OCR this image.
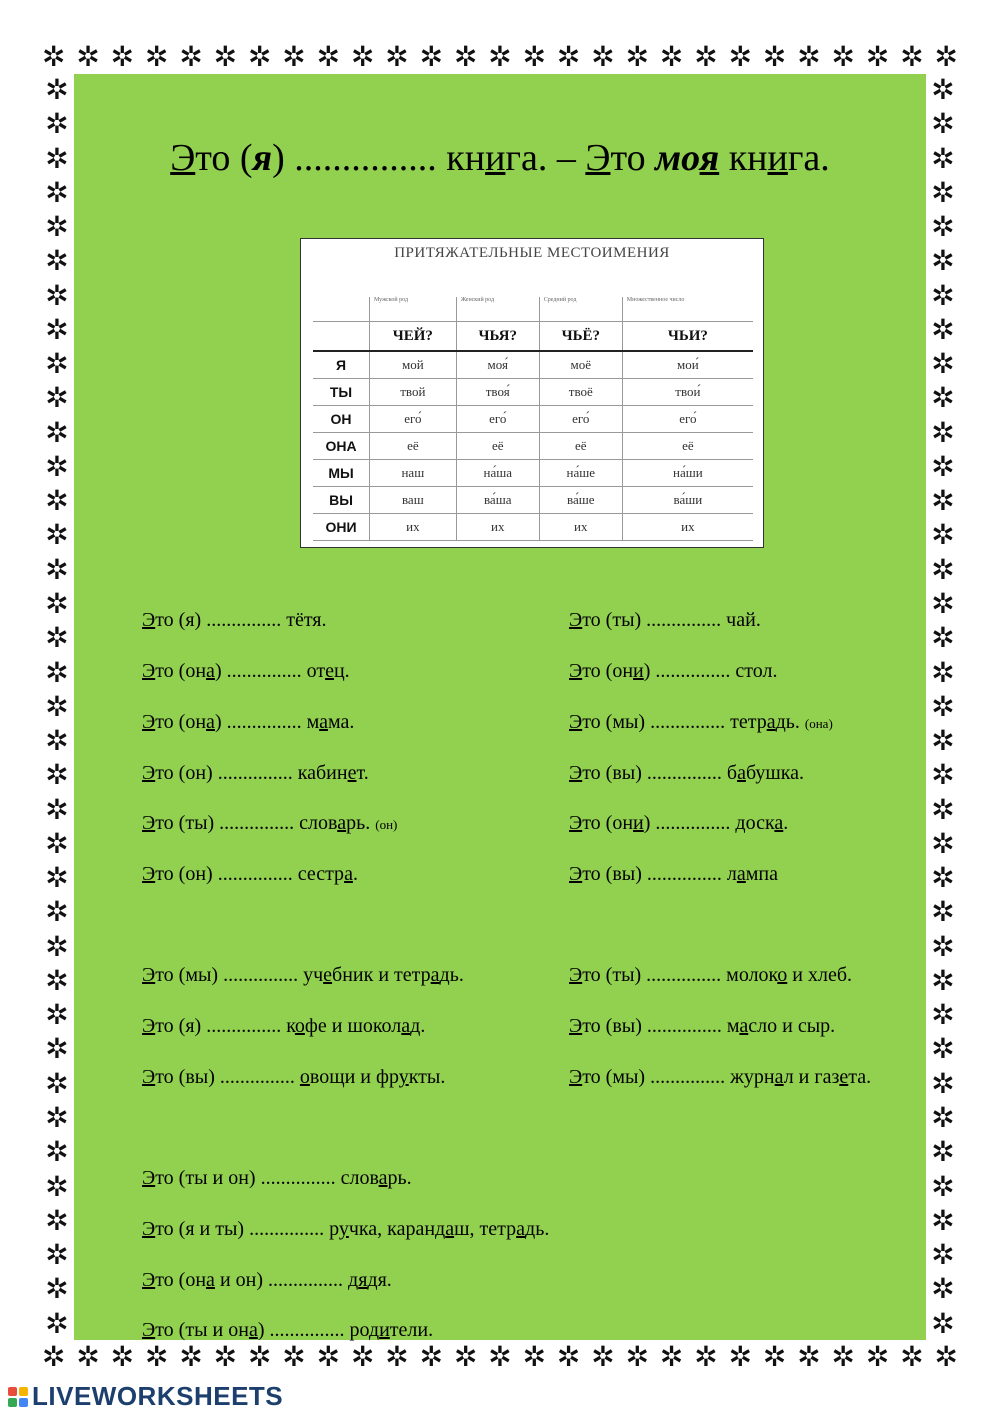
✲ ✲ ✲ ✲ ✲ ✲ ✲ ✲ ✲ ✲ ✲ ✲ ✲ ✲ ✲ ✲ ✲ ✲ ✲ ✲ ✲ ✲ ✲ ✲ ✲ ✲ ✲
✲ ✲ ✲ ✲ ✲ ✲ ✲ ✲ ✲ ✲ ✲ ✲ ✲ ✲ ✲ ✲ ✲ ✲ ✲ ✲ ✲ ✲ ✲ ✲ ✲ ✲ ✲
✲
✲
✲
✲
✲
✲
✲
✲
✲
✲
✲
✲
✲
✲
✲
✲
✲
✲
✲
✲
✲
✲
✲
✲
✲
✲
✲
✲
✲
✲
✲
✲
✲
✲
✲
✲
✲
✲
✲
✲
✲
✲
✲
✲
✲
✲
✲
✲
✲
✲
✲
✲
✲
✲
✲
✲
✲
✲
✲
✲
✲
✲
✲
✲
✲
✲
✲
✲
✲
✲
✲
✲
✲
✲
Это (я) ............... книга. – Это моя книга.
ПРИТЯЖАТЕЛЬНЫЕ МЕСТОИМЕНИЯ
	Мужской род	Женский род	Средний род	Множественное число
	ЧЕЙ?	ЧЬЯ?	ЧЬЁ?	ЧЬИ?
Я	мой	моя́	моё	мои́
ТЫ	твой	твоя́	твоё	твои́
ОН	его́	его́	его́	его́
ОНА	её	её	её	её
МЫ	наш	на́ша	на́ше	на́ши
ВЫ	ваш	ва́ша	ва́ше	ва́ши
ОНИ	их	их	их	их
Это (я) ............... тётя.
Это (она) ............... отец.
Это (она) ............... мама.
Это (он) ............... кабинет.
Это (ты) ............... словарь. (он)
Это (он) ............... сестра.
Это (ты) ............... чай.
Это (они) ............... стол.
Это (мы) ............... тетрадь. (она)
Это (вы) ............... бабушка.
Это (они) ............... доска.
Это (вы) ............... лампа
Это (мы) ............... учебник и тетрадь.
Это (я) ............... кофе и шоколад.
Это (вы) ............... овощи и фрукты.
Это (ты) ............... молоко и хлеб.
Это (вы) ............... масло и сыр.
Это (мы) ............... журнал и газета.
Это (ты и он) ............... словарь.
Это (я и ты) ............... ручка, карандаш, тетрадь.
Это (она и он) ............... дядя.
Это (ты и она) ............... родители.
LIVEWORKSHEETS
